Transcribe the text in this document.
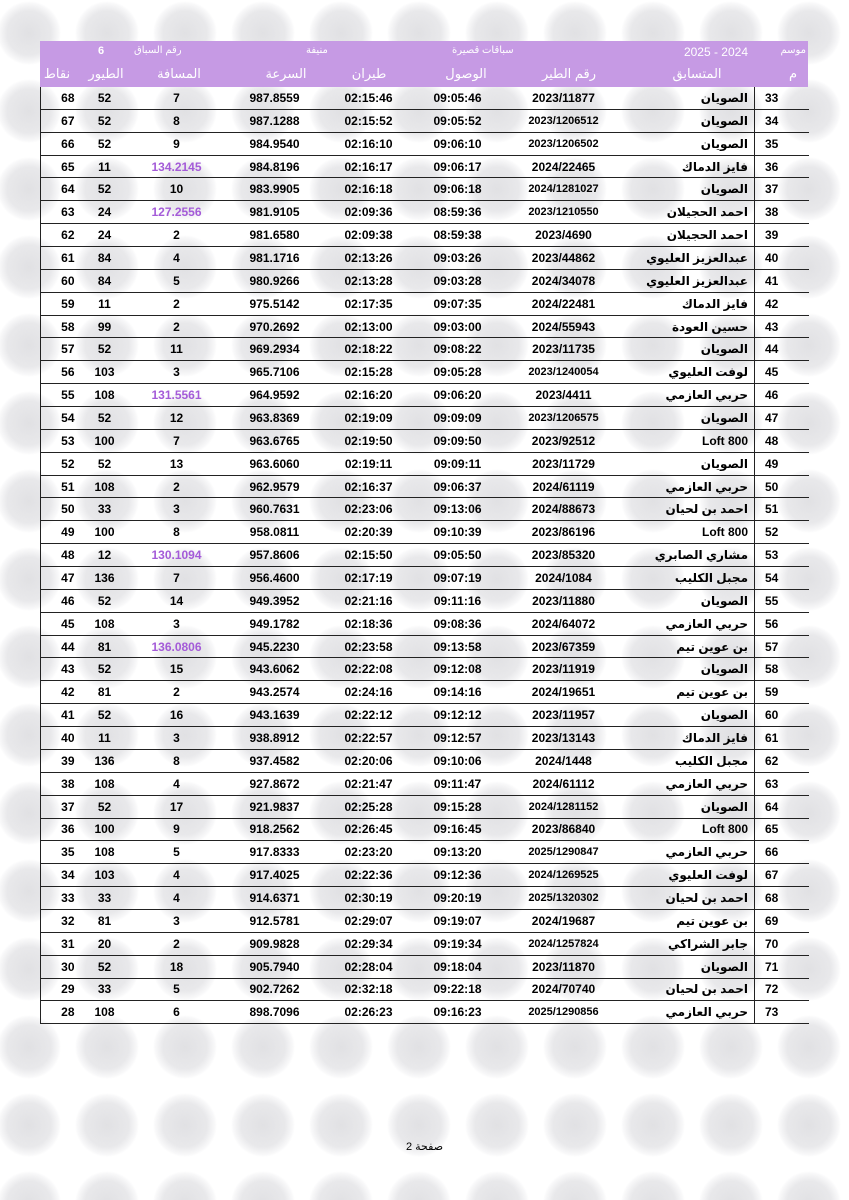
6	رقم السباق	منيفة	سباقات قصيرة	2025 - 2024	موسم
نقاط	الطيور	المسافة	السرعة	طيران	الوصول	رقم الطير	المتسابق	م
68	52	7	987.8559	02:15:46	09:05:46	2023/11877	الصويان	33
67	52	8	987.1288	02:15:52	09:05:52	2023/1206512	الصويان	34
66	52	9	984.9540	02:16:10	09:06:10	2023/1206502	الصويان	35
65	11	134.2145	984.8196	02:16:17	09:06:17	2024/22465	فايز الدماك	36
64	52	10	983.9905	02:16:18	09:06:18	2024/1281027	الصويان	37
63	24	127.2556	981.9105	02:09:36	08:59:36	2023/1210550	احمد الحجيلان	38
62	24	2	981.6580	02:09:38	08:59:38	2023/4690	احمد الحجيلان	39
61	84	4	981.1716	02:13:26	09:03:26	2023/44862	عبدالعزيز العليوي	40
60	84	5	980.9266	02:13:28	09:03:28	2024/34078	عبدالعزيز العليوي	41
59	11	2	975.5142	02:17:35	09:07:35	2024/22481	فايز الدماك	42
58	99	2	970.2692	02:13:00	09:03:00	2024/55943	حسين العودة	43
57	52	11	969.2934	02:18:22	09:08:22	2023/11735	الصويان	44
56	103	3	965.7106	02:15:28	09:05:28	2023/1240054	لوفت العليوي	45
55	108	131.5561	964.9592	02:16:20	09:06:20	2023/4411	حربي العازمي	46
54	52	12	963.8369	02:19:09	09:09:09	2023/1206575	الصويان	47
53	100	7	963.6765	02:19:50	09:09:50	2023/92512	Loft 800	48
52	52	13	963.6060	02:19:11	09:09:11	2023/11729	الصويان	49
51	108	2	962.9579	02:16:37	09:06:37	2024/61119	حربي العازمي	50
50	33	3	960.7631	02:23:06	09:13:06	2024/88673	احمد بن لحيان	51
49	100	8	958.0811	02:20:39	09:10:39	2023/86196	Loft 800	52
48	12	130.1094	957.8606	02:15:50	09:05:50	2023/85320	مشاري الصابري	53
47	136	7	956.4600	02:17:19	09:07:19	2024/1084	مجبل الكليب	54
46	52	14	949.3952	02:21:16	09:11:16	2023/11880	الصويان	55
45	108	3	949.1782	02:18:36	09:08:36	2024/64072	حربي العازمي	56
44	81	136.0806	945.2230	02:23:58	09:13:58	2023/67359	بن عوين تيم	57
43	52	15	943.6062	02:22:08	09:12:08	2023/11919	الصويان	58
42	81	2	943.2574	02:24:16	09:14:16	2024/19651	بن عوين تيم	59
41	52	16	943.1639	02:22:12	09:12:12	2023/11957	الصويان	60
40	11	3	938.8912	02:22:57	09:12:57	2023/13143	فايز الدماك	61
39	136	8	937.4582	02:20:06	09:10:06	2024/1448	مجبل الكليب	62
38	108	4	927.8672	02:21:47	09:11:47	2024/61112	حربي العازمي	63
37	52	17	921.9837	02:25:28	09:15:28	2024/1281152	الصويان	64
36	100	9	918.2562	02:26:45	09:16:45	2023/86840	Loft 800	65
35	108	5	917.8333	02:23:20	09:13:20	2025/1290847	حربي العازمي	66
34	103	4	917.4025	02:22:36	09:12:36	2024/1269525	لوفت العليوي	67
33	33	4	914.6371	02:30:19	09:20:19	2025/1320302	احمد بن لحيان	68
32	81	3	912.5781	02:29:07	09:19:07	2024/19687	بن عوين تيم	69
31	20	2	909.9828	02:29:34	09:19:34	2024/1257824	جابر الشراكي	70
30	52	18	905.7940	02:28:04	09:18:04	2023/11870	الصويان	71
29	33	5	902.7262	02:32:18	09:22:18	2024/70740	احمد بن لحيان	72
28	108	6	898.7096	02:26:23	09:16:23	2025/1290856	حربي العازمي	73
صفحة 2
